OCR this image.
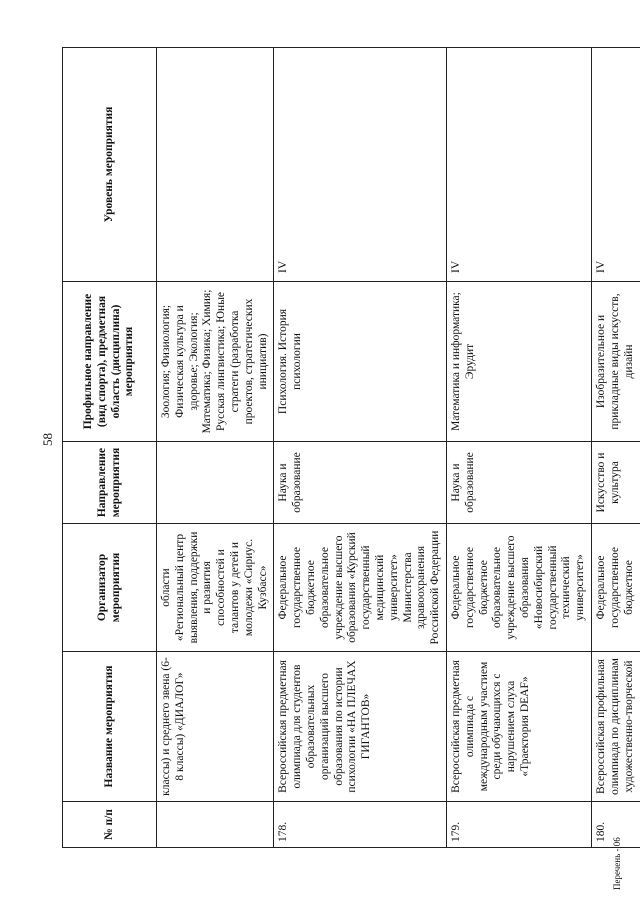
58
№ п/п	Название мероприятия	Организатор мероприятия	Направление мероприятия	Профильное направление (вид спорта), предметная область (дисциплина) мероприятия	Уровень мероприятия
	классы) и среднего звена (6-8 классы) «ДИАЛОГ»	области «Региональный центр выявления, поддержки и развития способностей и талантов у детей и молодежи «Сириус. Кузбасс»		Зоология; Физиология; Физическая культура и здоровье; Экология; Математика; Физика; Химия; Русская лингвистика; Юные стратеги (разработка проектов, стратегических инициатив)	
178.	Всероссийская предметная олимпиада для студентов образовательных организаций высшего образования по истории психологии «НА ПЛЕЧАХ ГИГАНТОВ»	Федеральное государственное бюджетное образовательное учреждение высшего образования «Курский государственный медицинский университет» Министерства здравоохранения Российской Федерации	Наука и образование	Психология. История психологии	IV
179.	Всероссийская предметная олимпиада с международным участием среди обучающихся с нарушением слуха «Траектория DEAF»	Федеральное государственное бюджетное образовательное учреждение высшего образования «Новосибирский государственный технический университет»	Наука и образование	Математика и информатика; Эрудит	IV
180.	Всероссийская профильная олимпиада по дисциплинам художественно-творческой	Федеральное государственное бюджетное	Искусство и культура	Изобразительное и прикладные виды искусств, дизайн	IV
Перечень - 06
